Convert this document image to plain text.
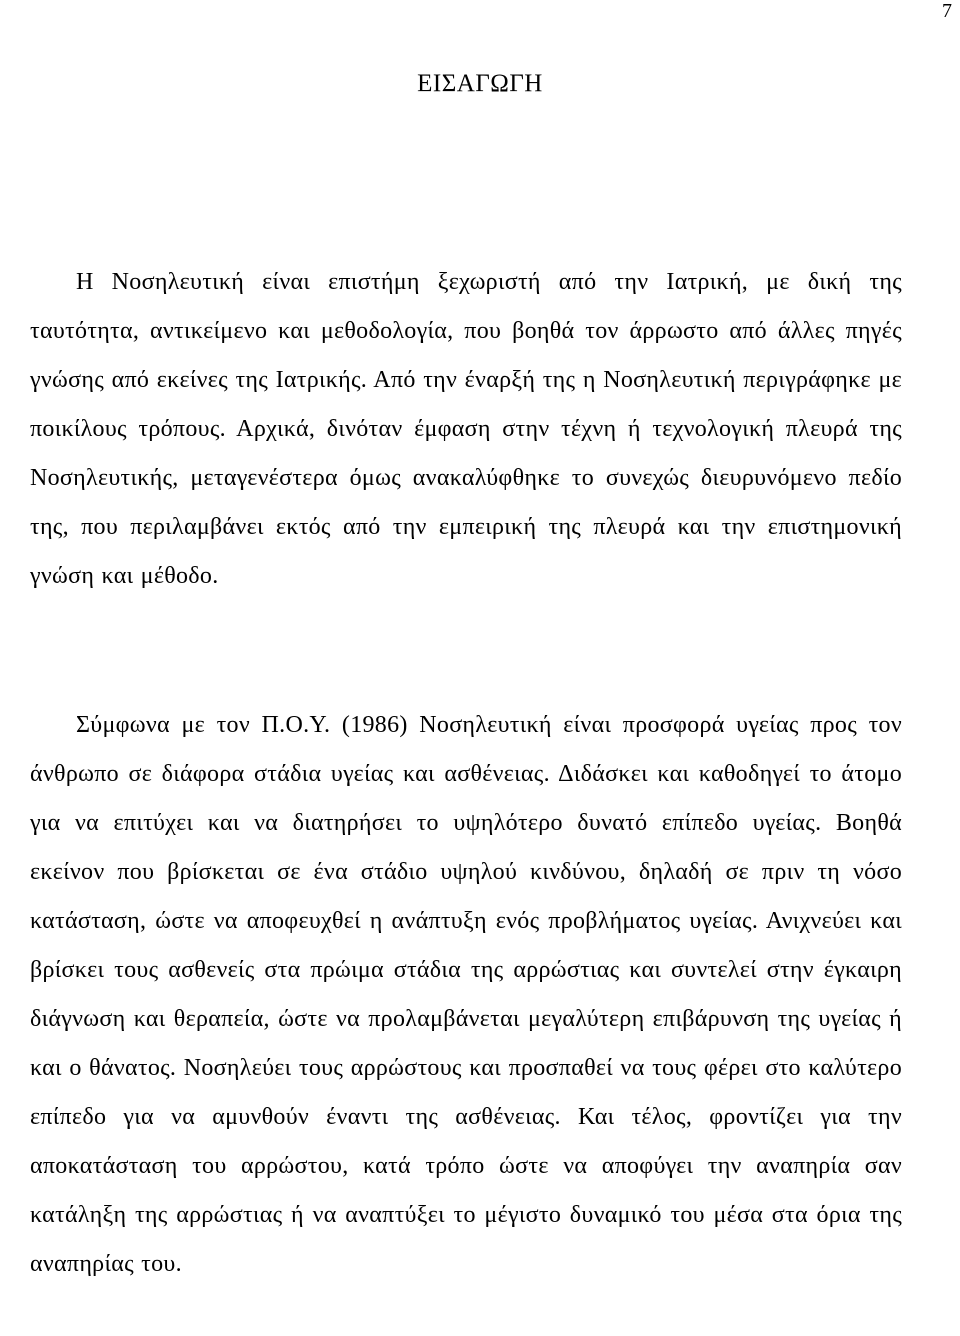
7
ΕΙΣΑΓΩΓΗ

Η Νοσηλευτική είναι επιστήμη ξεχωριστή από την Ιατρική, με δική της ταυτότητα, αντικείμενο και μεθοδολογία, που βοηθά τον άρρωστο από άλλες πηγές γνώσης από εκείνες της Ιατρικής. Από την έναρξή της η Νοσηλευτική περιγράφηκε με ποικίλους τρόπους. Αρχικά, δινόταν έμφαση στην τέχνη ή τεχνολογική πλευρά της Νοσηλευτικής, μεταγενέστερα όμως ανακαλύφθηκε το συνεχώς διευρυνόμενο πεδίο της, που περιλαμβάνει εκτός από την εμπειρική της πλευρά και την επιστημονική γνώση και μέθοδο.

Σύμφωνα με τον Π.Ο.Υ. (1986) Νοσηλευτική είναι προσφορά υγείας προς τον άνθρωπο σε διάφορα στάδια υγείας και ασθένειας. Διδάσκει και καθοδηγεί το άτομο για να επιτύχει και να διατηρήσει το υψηλότερο δυνατό επίπεδο υγείας. Βοηθά εκείνον που βρίσκεται σε ένα στάδιο υψηλού κινδύνου, δηλαδή σε πριν τη νόσο κατάσταση, ώστε να αποφευχθεί η ανάπτυξη ενός προβλήματος υγείας. Ανιχνεύει και βρίσκει τους ασθενείς στα πρώιμα στάδια της αρρώστιας και συντελεί στην έγκαιρη διάγνωση και θεραπεία, ώστε να προλαμβάνεται μεγαλύτερη επιβάρυνση της υγείας ή και ο θάνατος. Νοσηλεύει τους αρρώστους και προσπαθεί να τους φέρει στο καλύτερο επίπεδο για να αμυνθούν έναντι της ασθένειας. Και τέλος, φροντίζει για την αποκατάσταση του αρρώστου, κατά τρόπο ώστε να αποφύγει την αναπηρία σαν κατάληξη της αρρώστιας ή να αναπτύξει το μέγιστο δυναμικό του μέσα στα όρια της αναπηρίας του.
